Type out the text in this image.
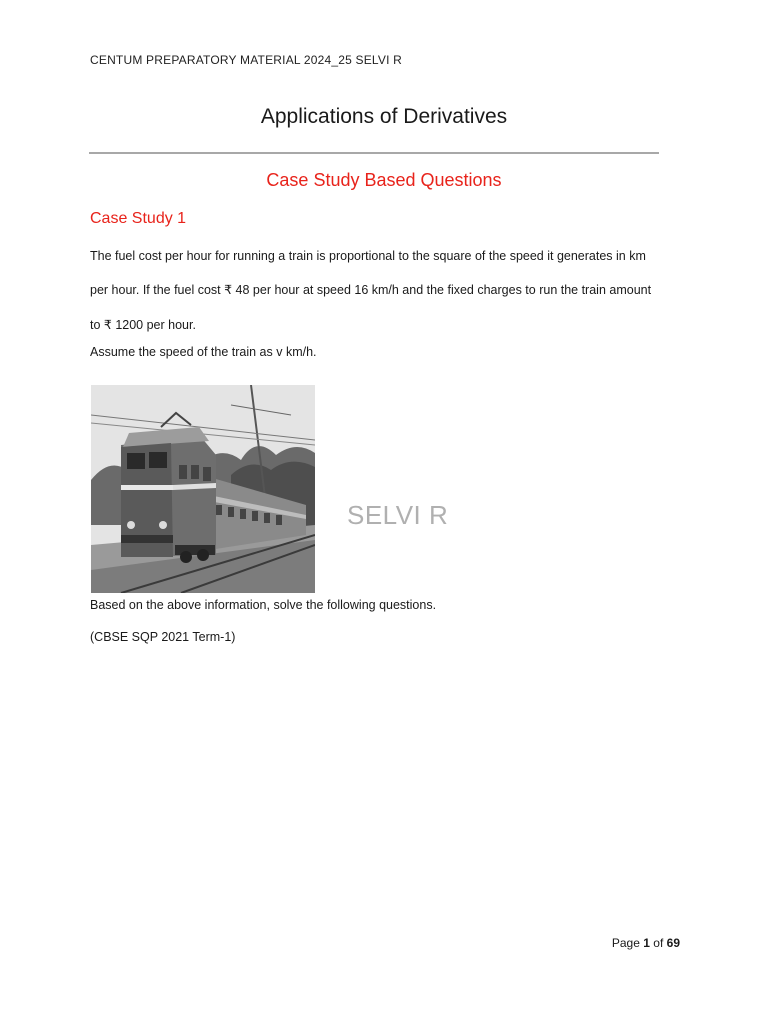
CENTUM PREPARATORY MATERIAL 2024_25 SELVI R
Applications of Derivatives
Case Study Based Questions
Case Study 1
The fuel cost per hour for running a train is proportional to the square of the speed it generates in km
per hour. If the fuel cost ₹ 48 per hour at speed 16 km/h and the fixed charges to run the train amount
to ₹ 1200 per hour.
Assume the speed of the train as v km/h.
SELVI R
Based on the above information, solve the following questions.
(CBSE SQP 2021 Term-1)
Page 1 of 69
